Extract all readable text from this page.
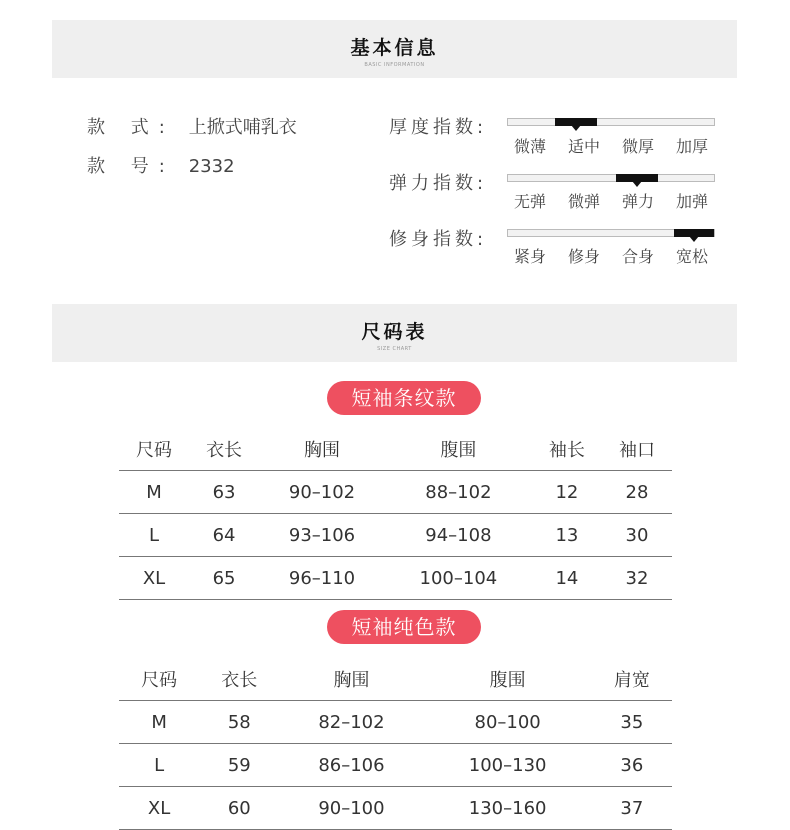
基本信息
BASIC INFORMATION
款 式: 上掀式哺乳衣
款 号: 2332
厚度指数:
微薄	适中	微厚	加厚
弹力指数:
无弹	微弹	弹力	加弹
修身指数:
紧身	修身	合身	宽松
尺码表
SIZE CHART
短袖条纹款
尺码	衣长	胸围	腹围	袖长	袖口
M	63	90–102	88–102	12	28
L	64	93–106	94–108	13	30
XL	65	96–110	100–104	14	32
短袖纯色款
尺码	衣长	胸围	腹围	肩宽
M	58	82–102	80–100	35
L	59	86–106	100–130	36
XL	60	90–100	130–160	37
